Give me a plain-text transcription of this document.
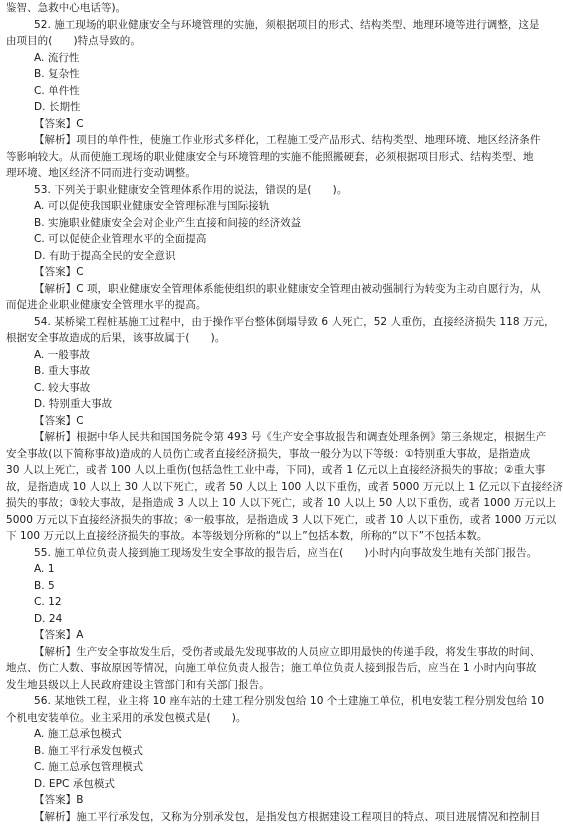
鉴智、急救中心电话等)。
52. 施工现场的职业健康安全与环境管理的实施，须根据项目的形式、结构类型、地理环境等进行调整，这是
由项目的(　　)特点导致的。
A. 流行性
B. 复杂性
C. 单件性
D. 长期性
【答案】C
【解析】项目的单件性，使施工作业形式多样化，工程施工受产品形式、结构类型、地理环境、地区经济条件
等影响较大。从而使施工现场的职业健康安全与环境管理的实施不能照搬硬套，必须根据项目形式、结构类型、地
理环境、地区经济不同而进行变动调整。
53. 下列关于职业健康安全管理体系作用的说法，错误的是(　　)。
A. 可以促使我国职业健康安全管理标准与国际接轨
B. 实施职业健康安全会对企业产生直接和间接的经济效益
C. 可以促使企业管理水平的全面提高
D. 有助于提高全民的安全意识
【答案】C
【解析】C 项，职业健康安全管理体系能使组织的职业健康安全管理由被动强制行为转变为主动自愿行为，从
而促进企业职业健康安全管理水平的提高。
54. 某桥梁工程桩基施工过程中，由于操作平台整体倒塌导致 6 人死亡，52 人重伤，直接经济损失 118 万元，
根据安全事故造成的后果，该事故属于(　　)。
A. 一般事故
B. 重大事故
C. 较大事故
D. 特别重大事故
【答案】C
【解析】根据中华人民共和国国务院令第 493 号《生产安全事故报告和调查处理条例》第三条规定，根据生产
安全事故(以下简称事故)造成的人员伤亡或者直接经济损失，事故一般分为以下等级：①特别重大事故，是指造成
30 人以上死亡，或者 100 人以上重伤(包括急性工业中毒，下同)，或者 1 亿元以上直接经济损失的事故；②重大事
故，是指造成 10 人以上 30 人以下死亡，或者 50 人以上 100 人以下重伤，或者 5000 万元以上 1 亿元以下直接经济
损失的事故；③较大事故，是指造成 3 人以上 10 人以下死亡，或者 10 人以上 50 人以下重伤，或者 1000 万元以上
5000 万元以下直接经济损失的事故；④一般事故，是指造成 3 人以下死亡，或者 10 人以下重伤，或者 1000 万元以
下 100 万元以上直接经济损失的事故。本等级划分所称的“以上”包括本数，所称的“以下”不包括本数。
55. 施工单位负责人接到施工现场发生安全事故的报告后，应当在(　　)小时内向事故发生地有关部门报告。
A. 1
B. 5
C. 12
D. 24
【答案】A
【解析】生产安全事故发生后，受伤者或最先发现事故的人员应立即用最快的传递手段，将发生事故的时间、
地点、伤亡人数、事故原因等情况，向施工单位负责人报告；施工单位负责人接到报告后，应当在 1 小时内向事故
发生地县级以上人民政府建设主管部门和有关部门报告。
56. 某地铁工程，业主将 10 座车站的土建工程分别发包给 10 个土建施工单位，机电安装工程分别发包给 10
个机电安装单位。业主采用的承发包模式是(　　)。
A. 施工总承包模式
B. 施工平行承发包模式
C. 施工总承包管理模式
D. EPC 承包模式
【答案】B
【解析】施工平行承发包，又称为分别承发包，是指发包方根据建设工程项目的特点、项目进展情况和控制目
